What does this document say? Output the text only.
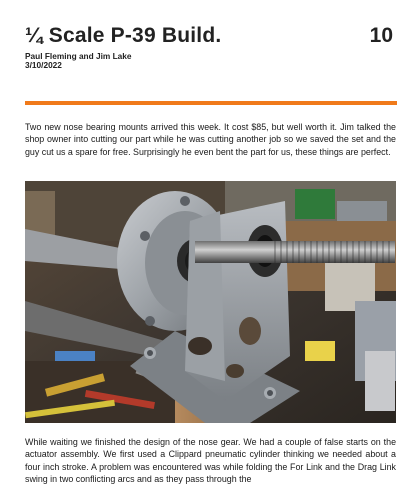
¼ Scale P-39 Build.	10
Paul Fleming and Jim Lake
3/10/2022

Two new nose bearing mounts arrived this week. It cost $85, but well worth it. Jim talked the shop owner into cutting our part while he was cutting another job so we saved the set and the guy cut us a spare for free. Surprisingly he even bent the part for us, these things are perfect.

While waiting we finished the design of the nose gear. We had a couple of false starts on the actuator assembly. We first used a Clippard pneumatic cylinder thinking we needed about a four inch stroke. A problem was encountered was while folding the For Link and the Drag Link swing in two conflicting arcs and as they pass through the
